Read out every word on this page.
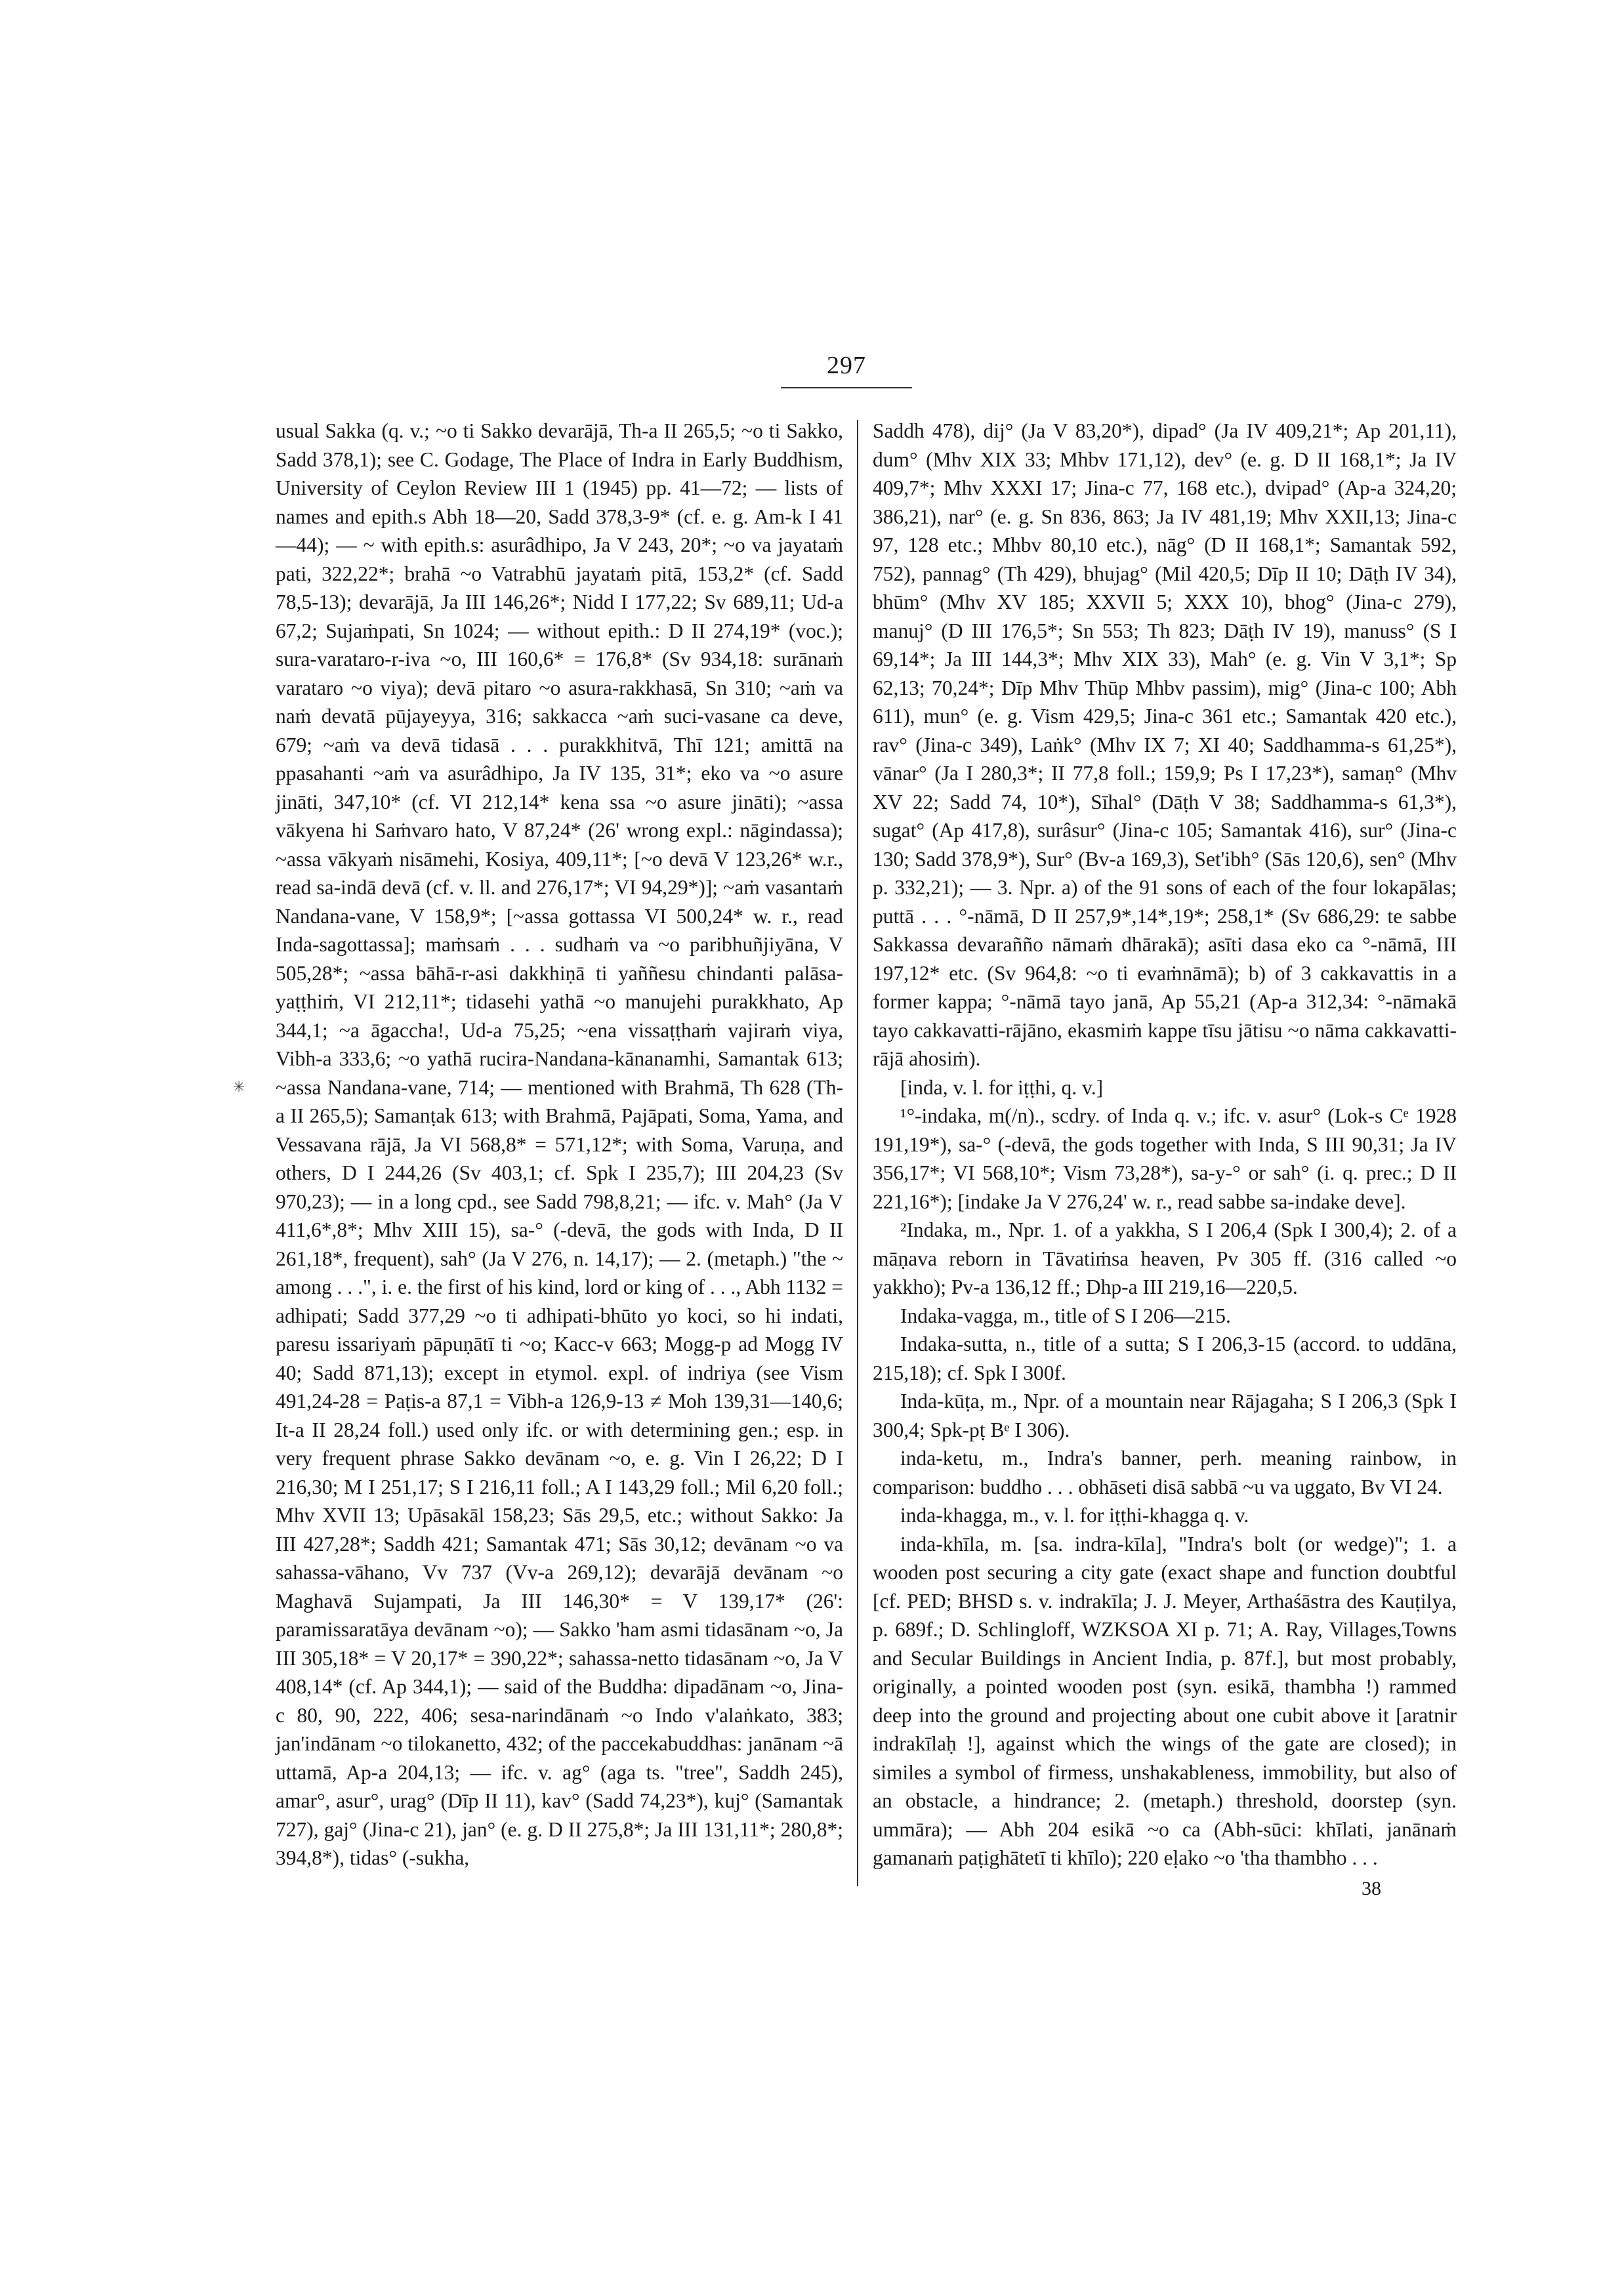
297

usual Sakka (q. v.; ~o ti Sakko devarājā, Th-a II 265,5; ~o ti Sakko, Sadd 378,1); see C. Godage, The Place of Indra in Early Buddhism, University of Ceylon Review III 1 (1945) pp. 41—72; — lists of names and epith.s Abh 18—20, Sadd 378,3-9* (cf. e. g. Am-k I 41—44); — ~ with epith.s: asurâdhipo, Ja V 243, 20*; ~o va jayataṁ pati, 322,22*; brahā ~o Vatrabhū jayataṁ pitā, 153,2* (cf. Sadd 78,5-13); devarājā, Ja III 146,26*; Nidd I 177,22; Sv 689,11; Ud-a 67,2; Sujaṁpati, Sn 1024; — without epith.: D II 274,19* (voc.); sura-varataro-r-iva ~o, III 160,6* = 176,8* (Sv 934,18: surānaṁ varataro ~o viya); devā pitaro ~o asura-rakkhasā, Sn 310; ~aṁ va naṁ devatā pūjayeyya, 316; sakkacca ~aṁ suci-vasane ca deve, 679; ~aṁ va devā tidasā . . . purakkhitvā, Thī 121; amittā na ppasahanti ~aṁ va asurâdhipo, Ja IV 135, 31*; eko va ~o asure jināti, 347,10* (cf. VI 212,14* kena ssa ~o asure jināti); ~assa vākyena hi Saṁvaro hato, V 87,24* (26' wrong expl.: nāgindassa); ~assa vākyaṁ nisāmehi, Kosiya, 409,11*; [~o devā V 123,26* w.r., read sa-indā devā (cf. v. ll. and 276,17*; VI 94,29*)]; ~aṁ vasantaṁ Nandana-vane, V 158,9*; [~assa gottassa VI 500,24* w. r., read Inda-sagottassa]; maṁsaṁ . . . sudhaṁ va ~o paribhuñjiyāna, V 505,28*; ~assa bāhā-r-asi dakkhiṇā ti yaññesu chindanti palāsa-yaṭṭhiṁ, VI 212,11*; tidasehi yathā ~o manujehi purakkhato, Ap 344,1; ~a āgaccha!, Ud-a 75,25; ~ena vissaṭṭhaṁ vajiraṁ viya, Vibh-a 333,6; ~o yathā rucira-Nandana-kānanamhi, Samantak 613; ~assa Nandana-vane, 714; — mentioned with Brahmā, Th 628 (Th-a II 265,5); Samanṭak 613; with Brahmā, Pajāpati, Soma, Yama, and Vessavana rājā, Ja VI 568,8* = 571,12*; with Soma, Varuṇa, and others, D I 244,26 (Sv 403,1; cf. Spk I 235,7); III 204,23 (Sv 970,23); — in a long cpd., see Sadd 798,8,21; — ifc. v. Mah° (Ja V 411,6*,8*; Mhv XIII 15), sa-° (-devā, the gods with Inda, D II 261,18*, frequent), sah° (Ja V 276, n. 14,17); — 2. (metaph.) "the ~ among . . .", i. e. the first of his kind, lord or king of . . ., Abh 1132 = adhipati; Sadd 377,29 ~o ti adhipati-bhūto yo koci, so hi indati, paresu issariyaṁ pāpuṇātī ti ~o; Kacc-v 663; Mogg-p ad Mogg IV 40; Sadd 871,13); except in etymol. expl. of indriya (see Vism 491,24-28 = Paṭis-a 87,1 = Vibh-a 126,9-13 ≠ Moh 139,31—140,6; It-a II 28,24 foll.) used only ifc. or with determining gen.; esp. in very frequent phrase Sakko devānam ~o, e. g. Vin I 26,22; D I 216,30; M I 251,17; S I 216,11 foll.; A I 143,29 foll.; Mil 6,20 foll.; Mhv XVII 13; Upāsakāl 158,23; Sās 29,5, etc.; without Sakko: Ja III 427,28*; Saddh 421; Samantak 471; Sās 30,12; devānam ~o va sahassa-vāhano, Vv 737 (Vv-a 269,12); devarājā devānam ~o Maghavā Sujampati, Ja III 146,30* = V 139,17* (26': paramissaratāya devānam ~o); — Sakko 'ham asmi tidasānam ~o, Ja III 305,18* = V 20,17* = 390,22*; sahassa-netto tidasānam ~o, Ja V 408,14* (cf. Ap 344,1); — said of the Buddha: dipadānam ~o, Jina-c 80, 90, 222, 406; sesa-narindānaṁ ~o Indo v'alaṅkato, 383; jan'indānam ~o tilokanetto, 432; of the paccekabuddhas: janānam ~ā uttamā, Ap-a 204,13; — ifc. v. ag° (aga ts. "tree", Saddh 245), amar°, asur°, urag° (Dīp II 11), kav° (Sadd 74,23*), kuj° (Samantak 727), gaj° (Jina-c 21), jan° (e. g. D II 275,8*; Ja III 131,11*; 280,8*; 394,8*), tidas° (-sukha,

Saddh 478), dij° (Ja V 83,20*), dipad° (Ja IV 409,21*; Ap 201,11), dum° (Mhv XIX 33; Mhbv 171,12), dev° (e. g. D II 168,1*; Ja IV 409,7*; Mhv XXXI 17; Jina-c 77, 168 etc.), dvipad° (Ap-a 324,20; 386,21), nar° (e. g. Sn 836, 863; Ja IV 481,19; Mhv XXII,13; Jina-c 97, 128 etc.; Mhbv 80,10 etc.), nāg° (D II 168,1*; Samantak 592, 752), pannag° (Th 429), bhujag° (Mil 420,5; Dīp II 10; Dāṭh IV 34), bhūm° (Mhv XV 185; XXVII 5; XXX 10), bhog° (Jina-c 279), manuj° (D III 176,5*; Sn 553; Th 823; Dāṭh IV 19), manuss° (S I 69,14*; Ja III 144,3*; Mhv XIX 33), Mah° (e. g. Vin V 3,1*; Sp 62,13; 70,24*; Dīp Mhv Thūp Mhbv passim), mig° (Jina-c 100; Abh 611), mun° (e. g. Vism 429,5; Jina-c 361 etc.; Samantak 420 etc.), rav° (Jina-c 349), Laṅk° (Mhv IX 7; XI 40; Saddhamma-s 61,25*), vānar° (Ja I 280,3*; II 77,8 foll.; 159,9; Ps I 17,23*), samaṇ° (Mhv XV 22; Sadd 74, 10*), Sīhal° (Dāṭh V 38; Saddhamma-s 61,3*), sugat° (Ap 417,8), surâsur° (Jina-c 105; Samantak 416), sur° (Jina-c 130; Sadd 378,9*), Sur° (Bv-a 169,3), Set'ibh° (Sās 120,6), sen° (Mhv p. 332,21); — 3. Npr. a) of the 91 sons of each of the four lokapālas; puttā . . . °-nāmā, D II 257,9*,14*,19*; 258,1* (Sv 686,29: te sabbe Sakkassa devarañño nāmaṁ dhārakā); asīti dasa eko ca °-nāmā, III 197,12* etc. (Sv 964,8: ~o ti evaṁnāmā); b) of 3 cakkavattis in a former kappa; °-nāmā tayo janā, Ap 55,21 (Ap-a 312,34: °-nāmakā tayo cakkavatti-rājāno, ekasmiṁ kappe tīsu jātisu ~o nāma cakkavatti-rājā ahosiṁ).

[inda, v. l. for iṭṭhi, q. v.]

¹°-indaka, m(/n)., scdry. of Inda q. v.; ifc. v. asur° (Lok-s Cᵉ 1928 191,19*), sa-° (-devā, the gods together with Inda, S III 90,31; Ja IV 356,17*; VI 568,10*; Vism 73,28*), sa-y-° or sah° (i. q. prec.; D II 221,16*); [indake Ja V 276,24' w. r., read sabbe sa-indake deve].

²Indaka, m., Npr. 1. of a yakkha, S I 206,4 (Spk I 300,4); 2. of a māṇava reborn in Tāvatiṁsa heaven, Pv 305 ff. (316 called ~o yakkho); Pv-a 136,12 ff.; Dhp-a III 219,16—220,5.

Indaka-vagga, m., title of S I 206—215.

Indaka-sutta, n., title of a sutta; S I 206,3-15 (accord. to uddāna, 215,18); cf. Spk I 300f.

Inda-kūṭa, m., Npr. of a mountain near Rājagaha; S I 206,3 (Spk I 300,4; Spk-pṭ Bᵉ I 306).

inda-ketu, m., Indra's banner, perh. meaning rainbow, in comparison: buddho . . . obhāseti disā sabbā ~u va uggato, Bv VI 24.

inda-khagga, m., v. l. for iṭṭhi-khagga q. v.

inda-khīla, m. [sa. indra-kīla], "Indra's bolt (or wedge)"; 1. a wooden post securing a city gate (exact shape and function doubtful [cf. PED; BHSD s. v. indrakīla; J. J. Meyer, Arthaśāstra des Kauṭilya, p. 689f.; D. Schlingloff, WZKSOA XI p. 71; A. Ray, Villages,Towns and Secular Buildings in Ancient India, p. 87f.], but most probably, originally, a pointed wooden post (syn. esikā, thambha !) rammed deep into the ground and projecting about one cubit above it [aratnir indrakīlaḥ !], against which the wings of the gate are closed); in similes a symbol of firmess, unshakableness, immobility, but also of an obstacle, a hindrance; 2. (metaph.) threshold, doorstep (syn. ummāra); — Abh 204 esikā ~o ca (Abh-sūci: khīlati, janānaṁ gamanaṁ paṭighātetī ti khīlo); 220 eḷako ~o 'tha thambho . . .

38
✳
